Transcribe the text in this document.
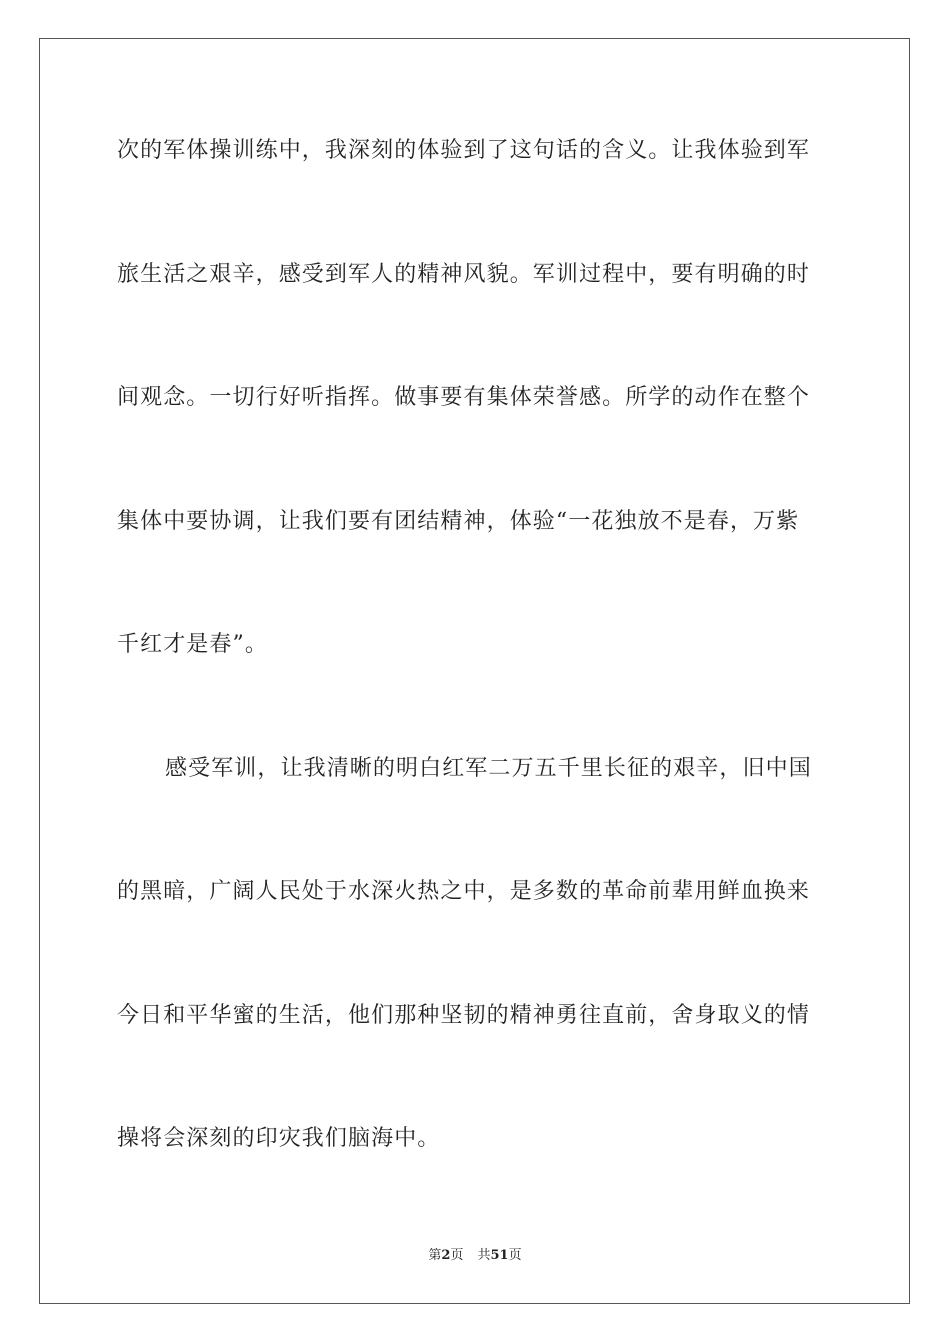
次的军体操训练中，我深刻的体验到了这句话的含义。让我体验到军
旅生活之艰辛，感受到军人的精神风貌。军训过程中，要有明确的时
间观念。一切行好听指挥。做事要有集体荣誉感。所学的动作在整个
集体中要协调，让我们要有团结精神，体验“一花独放不是春，万紫
千红才是春”。
感受军训，让我清晰的明白红军二万五千里长征的艰辛，旧中国
的黑暗，广阔人民处于水深火热之中，是多数的革命前辈用鲜血换来
今日和平华蜜的生活，他们那种坚韧的精神勇往直前，舍身取义的情
操将会深刻的印灾我们脑海中。
第2页 共51页
